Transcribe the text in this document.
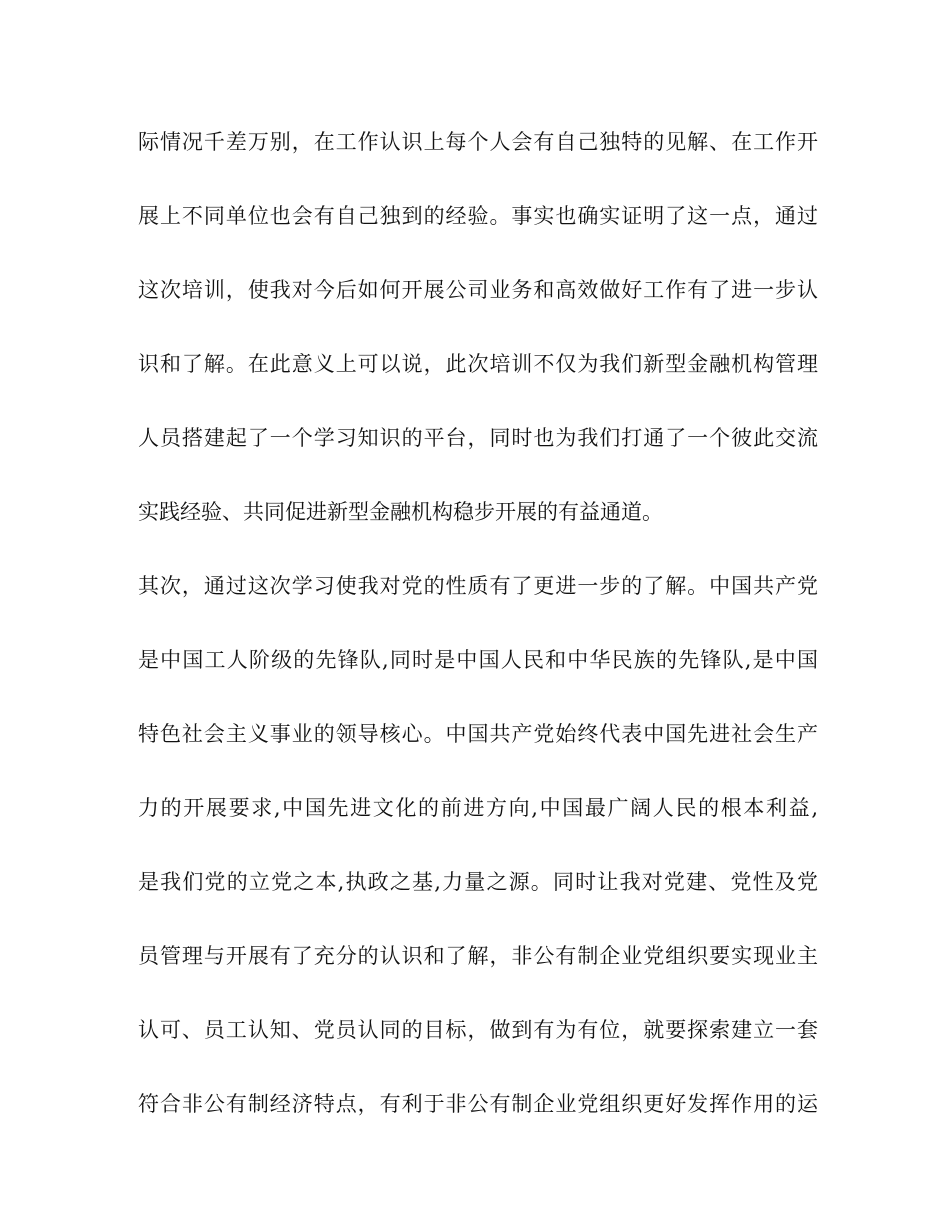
际情况千差万别，在工作认识上每个人会有自己独特的见解、在工作开
展上不同单位也会有自己独到的经验。事实也确实证明了这一点，通过
这次培训，使我对今后如何开展公司业务和高效做好工作有了进一步认
识和了解。在此意义上可以说，此次培训不仅为我们新型金融机构管理
人员搭建起了一个学习知识的平台，同时也为我们打通了一个彼此交流
实践经验、共同促进新型金融机构稳步开展的有益通道。
其次，通过这次学习使我对党的性质有了更进一步的了解。中国共产党
是中国工人阶级的先锋队,同时是中国人民和中华民族的先锋队,是中国
特色社会主义事业的领导核心。中国共产党始终代表中国先进社会生产
力的开展要求,中国先进文化的前进方向,中国最广阔人民的根本利益,
是我们党的立党之本,执政之基,力量之源。同时让我对党建、党性及党
员管理与开展有了充分的认识和了解，非公有制企业党组织要实现业主
认可、员工认知、党员认同的目标，做到有为有位，就要探索建立一套
符合非公有制经济特点，有利于非公有制企业党组织更好发挥作用的运
